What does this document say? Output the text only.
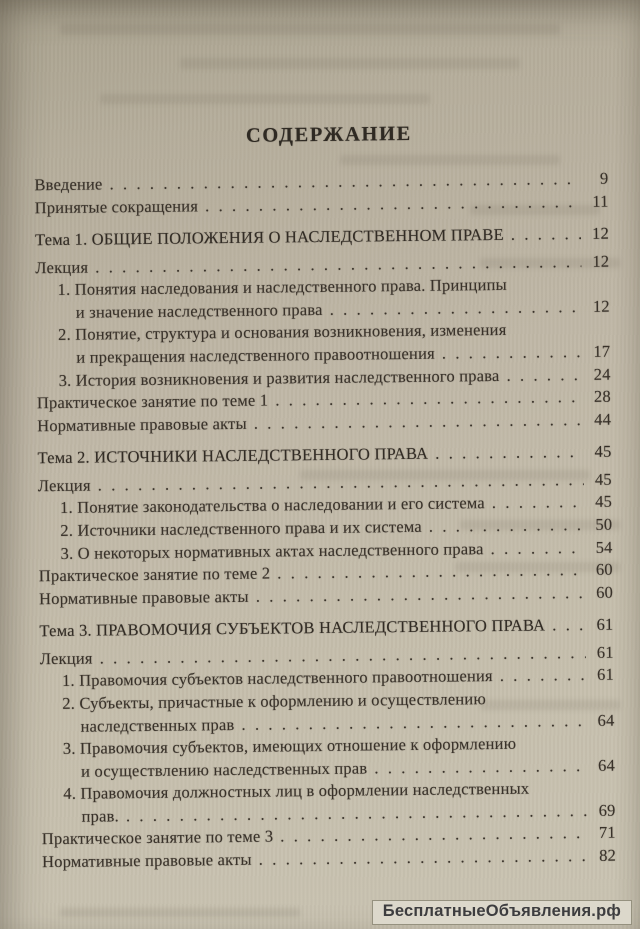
СОДЕРЖАНИЕ
Введение . . .	9
Принятые сокращения . . .	11
Тема 1. ОБЩИЕ ПОЛОЖЕНИЯ О НАСЛЕДСТВЕННОМ ПРАВЕ . . .	12
Лекция . . .	12
1. Понятия наследования и наследственного права. Принципы
и значение наследственного права . . .	12
2. Понятие, структура и основания возникновения, изменения
и прекращения наследственного правоотношения . . .	17
3. История возникновения и развития наследственного права . . .	24
Практическое занятие по теме 1 . . .	28
Нормативные правовые акты . . .	44
Тема 2. ИСТОЧНИКИ НАСЛЕДСТВЕННОГО ПРАВА . . .	45
Лекция . . .	45
1. Понятие законодательства о наследовании и его система . . .	45
2. Источники наследственного права и их система . . .	50
3. О некоторых нормативных актах наследственного права . . .	54
Практическое занятие по теме 2 . . .	60
Нормативные правовые акты . . .	60
Тема 3. ПРАВОМОЧИЯ СУБЪЕКТОВ НАСЛЕДСТВЕННОГО ПРАВА . . .	61
Лекция . . .	61
1. Правомочия субъектов наследственного правоотношения . . .	61
2. Субъекты, причастные к оформлению и осуществлению
наследственных прав . . .	64
3. Правомочия субъектов, имеющих отношение к оформлению
и осуществлению наследственных прав . . .	64
4. Правомочия должностных лиц в оформлении наследственных
прав. . . .	69
Практическое занятие по теме 3 . . .	71
Нормативные правовые акты . . .	82
БесплатныеОбъявления.рф
